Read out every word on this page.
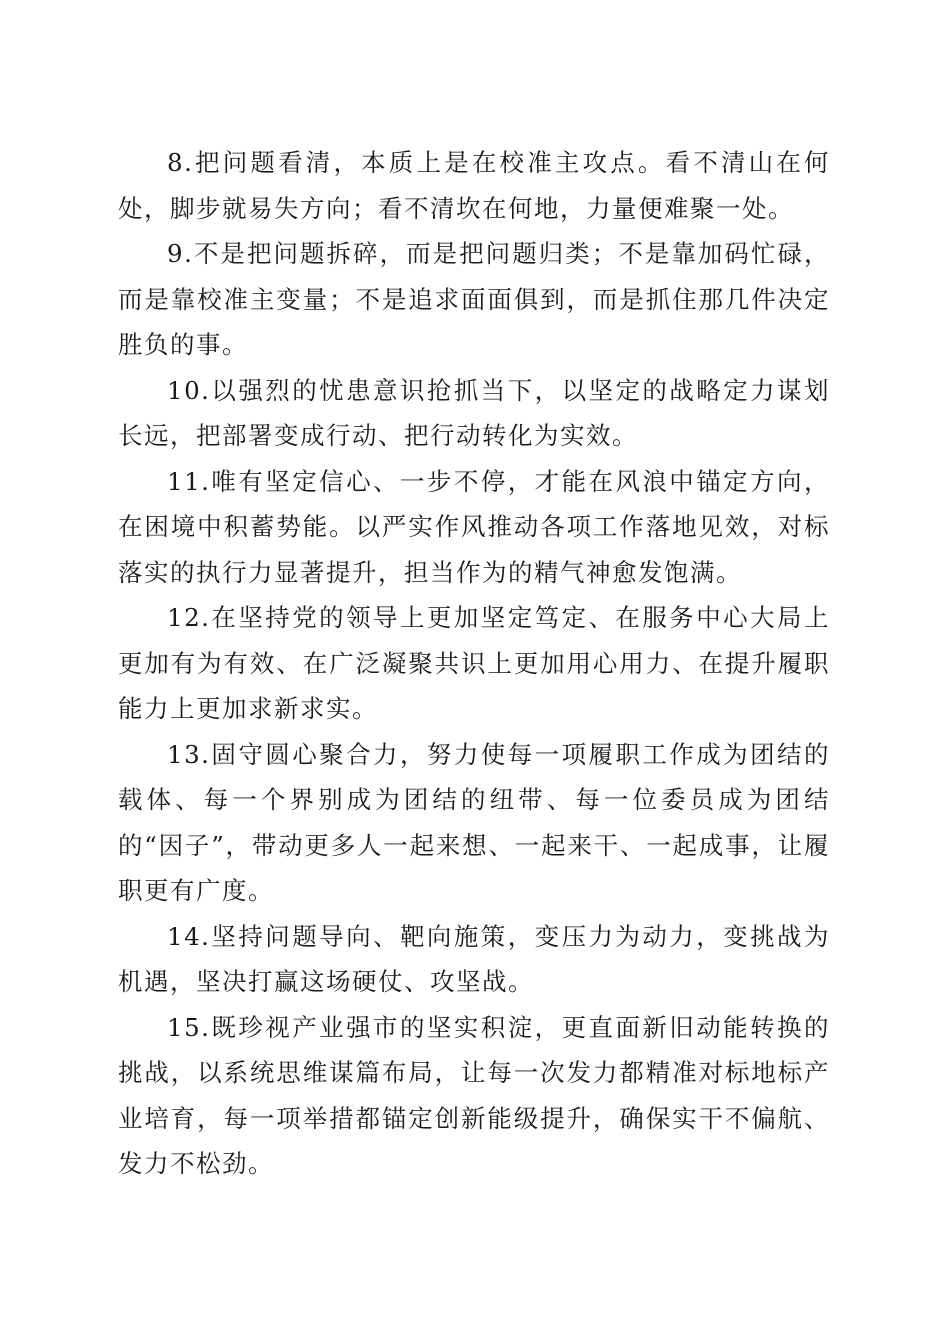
8.把问题看清，本质上是在校准主攻点。看不清山在何处，脚步就易失方向；看不清坎在何地，力量便难聚一处。

9.不是把问题拆碎，而是把问题归类；不是靠加码忙碌，而是靠校准主变量；不是追求面面俱到，而是抓住那几件决定胜负的事。

10.以强烈的忧患意识抢抓当下，以坚定的战略定力谋划长远，把部署变成行动、把行动转化为实效。

11.唯有坚定信心、一步不停，才能在风浪中锚定方向，在困境中积蓄势能。以严实作风推动各项工作落地见效，对标落实的执行力显著提升，担当作为的精气神愈发饱满。

12.在坚持党的领导上更加坚定笃定、在服务中心大局上更加有为有效、在广泛凝聚共识上更加用心用力、在提升履职能力上更加求新求实。

13.固守圆心聚合力，努力使每一项履职工作成为团结的载体、每一个界别成为团结的纽带、每一位委员成为团结的“因子”，带动更多人一起来想、一起来干、一起成事，让履职更有广度。

14.坚持问题导向、靶向施策，变压力为动力，变挑战为机遇，坚决打赢这场硬仗、攻坚战。

15.既珍视产业强市的坚实积淀，更直面新旧动能转换的挑战，以系统思维谋篇布局，让每一次发力都精准对标地标产业培育，每一项举措都锚定创新能级提升，确保实干不偏航、发力不松劲。
